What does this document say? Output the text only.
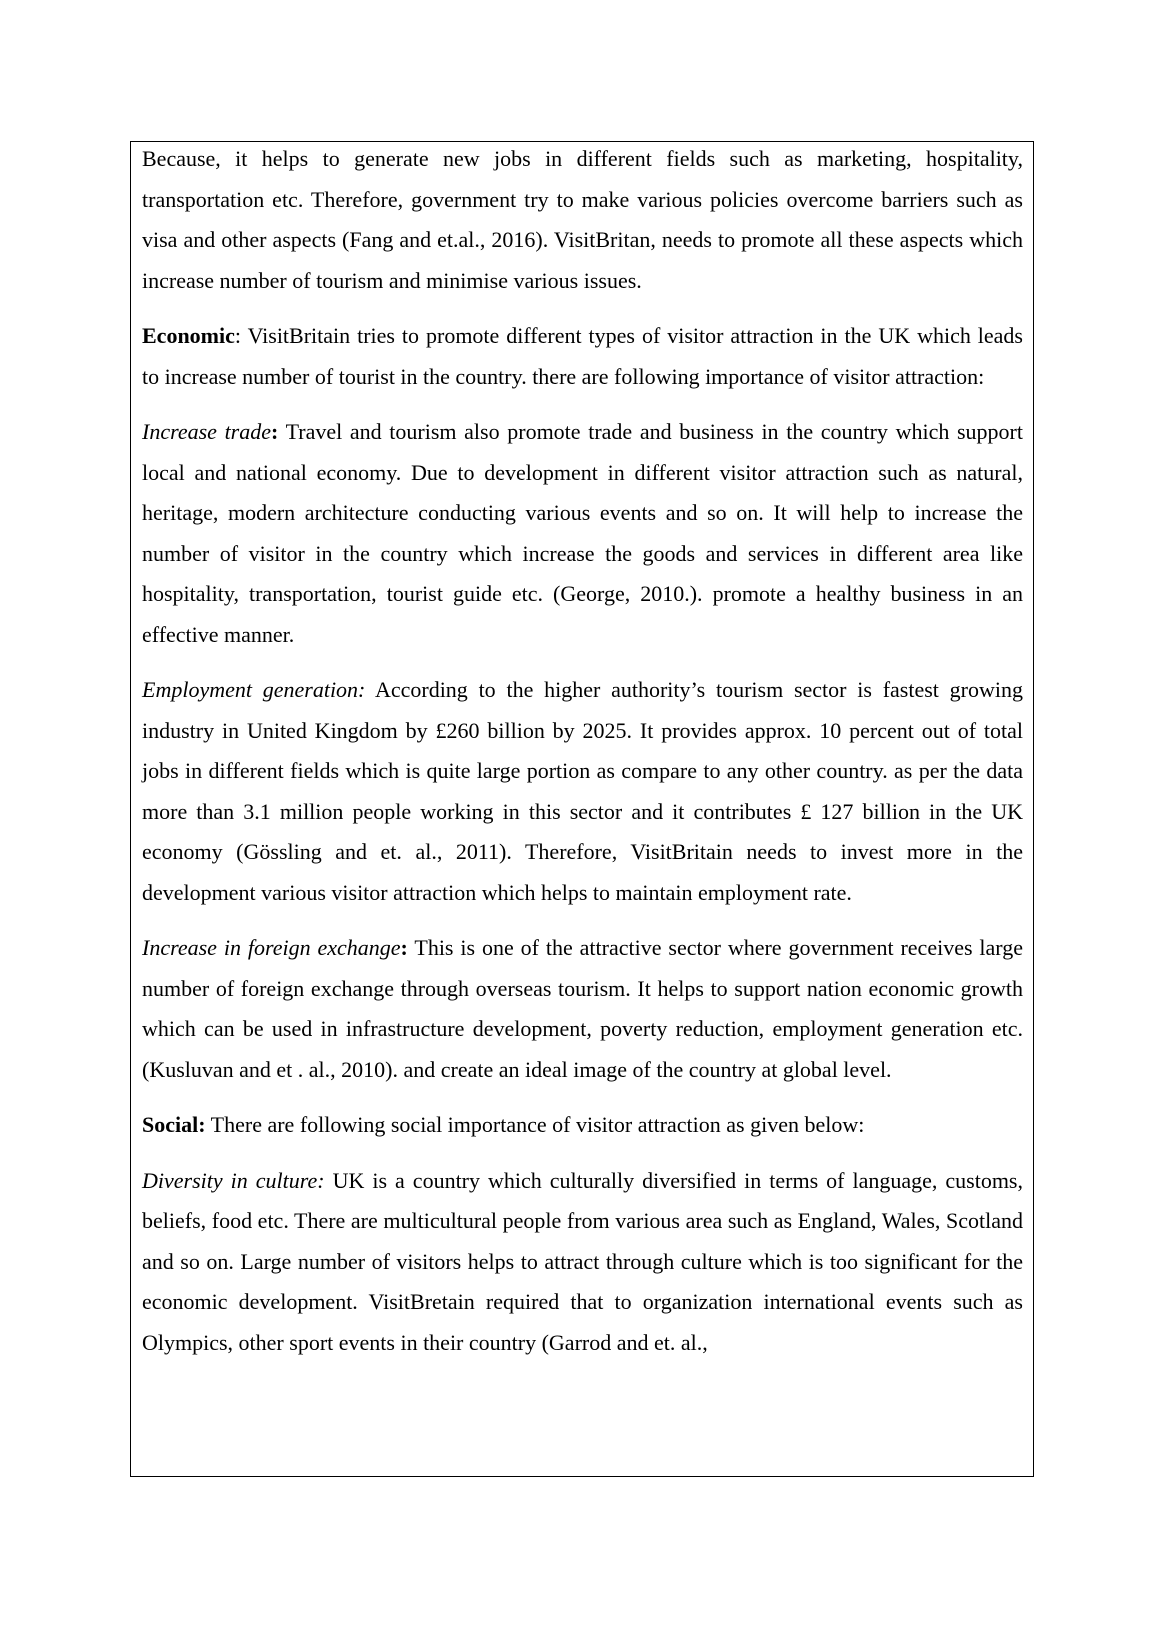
Because, it helps to generate new jobs in different fields such as marketing, hospitality, transportation etc. Therefore, government try to make various policies overcome barriers such as visa and other aspects (Fang and et.al., 2016). VisitBritan, needs to promote all these aspects which increase number of tourism and minimise various issues.

Economic: VisitBritain tries to promote different types of visitor attraction in the UK which leads to increase number of tourist in the country. there are following importance of visitor attraction:

Increase trade: Travel and tourism also promote trade and business in the country which support local and national economy. Due to development in different visitor attraction such as natural, heritage, modern architecture conducting various events and so on. It will help to increase the number of visitor in the country which increase the goods and services in different area like hospitality, transportation, tourist guide etc. (George, 2010.). promote a healthy business in an effective manner.

Employment generation: According to the higher authority’s tourism sector is fastest growing industry in United Kingdom by £260 billion by 2025. It provides approx. 10 percent out of total jobs in different fields which is quite large portion as compare to any other country. as per the data more than 3.1 million people working in this sector and it contributes £ 127 billion in the UK economy (Gössling and et. al., 2011). Therefore, VisitBritain needs to invest more in the development various visitor attraction which helps to maintain employment rate.

Increase in foreign exchange: This is one of the attractive sector where government receives large number of foreign exchange through overseas tourism. It helps to support nation economic growth which can be used in infrastructure development, poverty reduction, employment generation etc. (Kusluvan and et . al., 2010). and create an ideal image of the country at global level.

Social: There are following social importance of visitor attraction as given below:

Diversity in culture: UK is a country which culturally diversified in terms of language, customs, beliefs, food etc. There are multicultural people from various area such as England, Wales, Scotland and so on. Large number of visitors helps to attract through culture which is too significant for the economic development. VisitBretain required that to organization international events such as Olympics, other sport events in their country (Garrod and et. al.,
